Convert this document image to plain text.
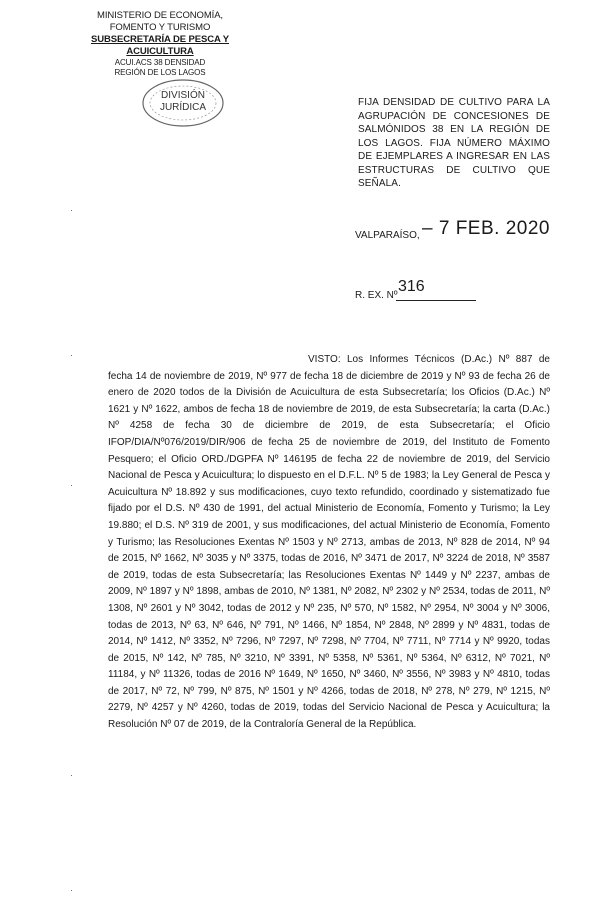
MINISTERIO DE ECONOMÍA,
FOMENTO Y TURISMO
SUBSECRETARÍA DE PESCA Y ACUICULTURA
ACUI.ACS 38 DENSIDAD
REGIÓN DE LOS LAGOS
DIVISIÓN
JURÍDICA	FIJA DENSIDAD DE CULTIVO PARA LA AGRUPACIÓN DE CONCESIONES DE SALMÓNIDOS 38 EN LA REGIÓN DE LOS LAGOS. FIJA NÚMERO MÁXIMO DE EJEMPLARES A INGRESAR EN LAS ESTRUCTURAS DE CULTIVO QUE SEÑALA.
VALPARAÍSO, – 7 FEB. 2020
R. EX. Nº
316
VISTO: Los Informes Técnicos (D.Ac.) Nº 887 de fecha 14 de noviembre de 2019, Nº 977 de fecha 18 de diciembre de 2019 y Nº 93 de fecha 26 de enero de 2020 todos de la División de Acuicultura de esta Subsecretaría; los Oficios (D.Ac.) Nº 1621 y Nº 1622, ambos de fecha 18 de noviembre de 2019, de esta Subsecretaría; la carta (D.Ac.) Nº 4258 de fecha 30 de diciembre de 2019, de esta Subsecretaría; el Oficio IFOP/DIA/Nº076/2019/DIR/906 de fecha 25 de noviembre de 2019, del Instituto de Fomento Pesquero; el Oficio ORD./DGPFA Nº 146195 de fecha 22 de noviembre de 2019, del Servicio Nacional de Pesca y Acuicultura; lo dispuesto en el D.F.L. Nº 5 de 1983; la Ley General de Pesca y Acuicultura Nº 18.892 y sus modificaciones, cuyo texto refundido, coordinado y sistematizado fue fijado por el D.S. Nº 430 de 1991, del actual Ministerio de Economía, Fomento y Turismo; la Ley 19.880; el D.S. Nº 319 de 2001, y sus modificaciones, del actual Ministerio de Economía, Fomento y Turismo; las Resoluciones Exentas Nº 1503 y Nº 2713, ambas de 2013, Nº 828 de 2014, Nº 94 de 2015, Nº 1662, Nº 3035 y Nº 3375, todas de 2016, Nº 3471 de 2017, Nº 3224 de 2018, Nº 3587 de 2019, todas de esta Subsecretaría; las Resoluciones Exentas Nº 1449 y Nº 2237, ambas de 2009, Nº 1897 y Nº 1898, ambas de 2010, Nº 1381, Nº 2082, Nº 2302 y Nº 2534, todas de 2011, Nº 1308, Nº 2601 y Nº 3042, todas de 2012 y Nº 235, Nº 570, Nº 1582, Nº 2954, Nº 3004 y Nº 3006, todas de 2013, Nº 63, Nº 646, Nº 791, Nº 1466, Nº 1854, Nº 2848, Nº 2899 y Nº 4831, todas de 2014, Nº 1412, Nº 3352, Nº 7296, Nº 7297, Nº 7298, Nº 7704, Nº 7711, Nº 7714 y Nº 9920, todas de 2015, Nº 142, Nº 785, Nº 3210, Nº 3391, Nº 5358, Nº 5361, Nº 5364, Nº 6312, Nº 7021, Nº 11184, y Nº 11326, todas de 2016 Nº 1649, Nº 1650, Nº 3460, Nº 3556, Nº 3983 y Nº 4810, todas de 2017, Nº 72, Nº 799, Nº 875, Nº 1501 y Nº 4266, todas de 2018, Nº 278, Nº 279, Nº 1215, Nº 2279, Nº 4257 y Nº 4260, todas de 2019, todas del Servicio Nacional de Pesca y Acuicultura; la Resolución Nº 07 de 2019, de la Contraloría General de la República.
·
·
·
·
·
